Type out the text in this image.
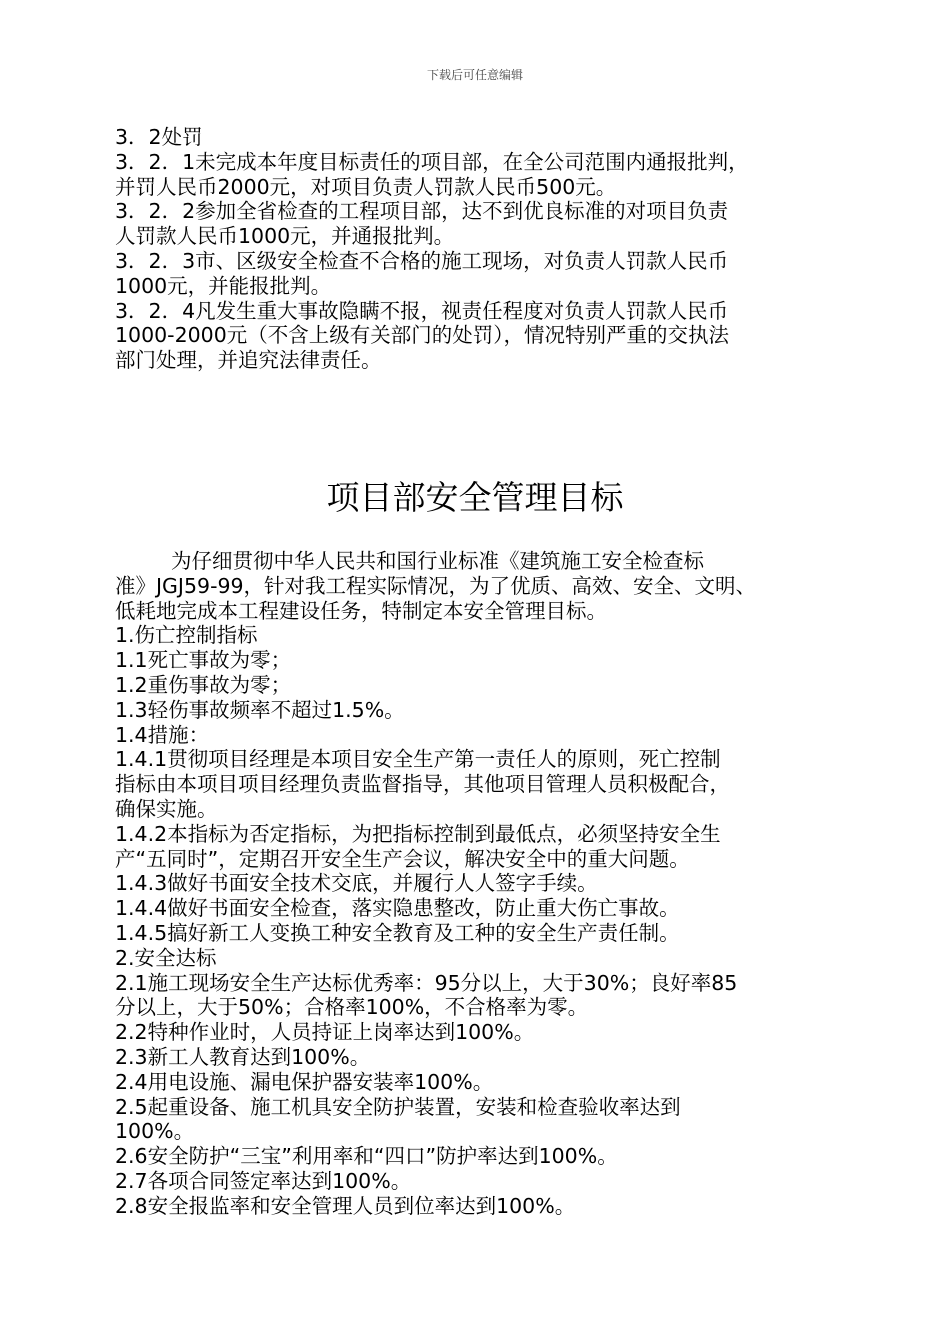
下载后可任意编辑
3．2处罚
3．2．1未完成本年度目标责任的项目部，在全公司范围内通报批判，
并罚人民币2000元，对项目负责人罚款人民币500元。
3．2．2参加全省检查的工程项目部，达不到优良标准的对项目负责
人罚款人民币1000元，并通报批判。
3．2．3市、区级安全检查不合格的施工现场，对负责人罚款人民币
1000元，并能报批判。
3．2．4凡发生重大事故隐瞒不报，视责任程度对负责人罚款人民币
1000-2000元（不含上级有关部门的处罚），情况特别严重的交执法
部门处理，并追究法律责任。
项目部安全管理目标
为仔细贯彻中华人民共和国行业标准《建筑施工安全检查标
准》JGJ59-99，针对我工程实际情况，为了优质、高效、安全、文明、
低耗地完成本工程建设任务，特制定本安全管理目标。
1.伤亡控制指标
1.1死亡事故为零；
1.2重伤事故为零；
1.3轻伤事故频率不超过1.5%。
1.4措施：
1.4.1贯彻项目经理是本项目安全生产第一责任人的原则，死亡控制
指标由本项目项目经理负责监督指导，其他项目管理人员积极配合，
确保实施。
1.4.2本指标为否定指标，为把指标控制到最低点，必须坚持安全生
产“五同时”，定期召开安全生产会议，解决安全中的重大问题。
1.4.3做好书面安全技术交底，并履行人人签字手续。
1.4.4做好书面安全检查，落实隐患整改，防止重大伤亡事故。
1.4.5搞好新工人变换工种安全教育及工种的安全生产责任制。
2.安全达标
2.1施工现场安全生产达标优秀率：95分以上，大于30%；良好率85
分以上，大于50%；合格率100%，不合格率为零。
2.2特种作业时，人员持证上岗率达到100%。
2.3新工人教育达到100%。
2.4用电设施、漏电保护器安装率100%。
2.5起重设备、施工机具安全防护装置，安装和检查验收率达到
100%。
2.6安全防护“三宝”利用率和“四口”防护率达到100%。
2.7各项合同签定率达到100%。
2.8安全报监率和安全管理人员到位率达到100%。
